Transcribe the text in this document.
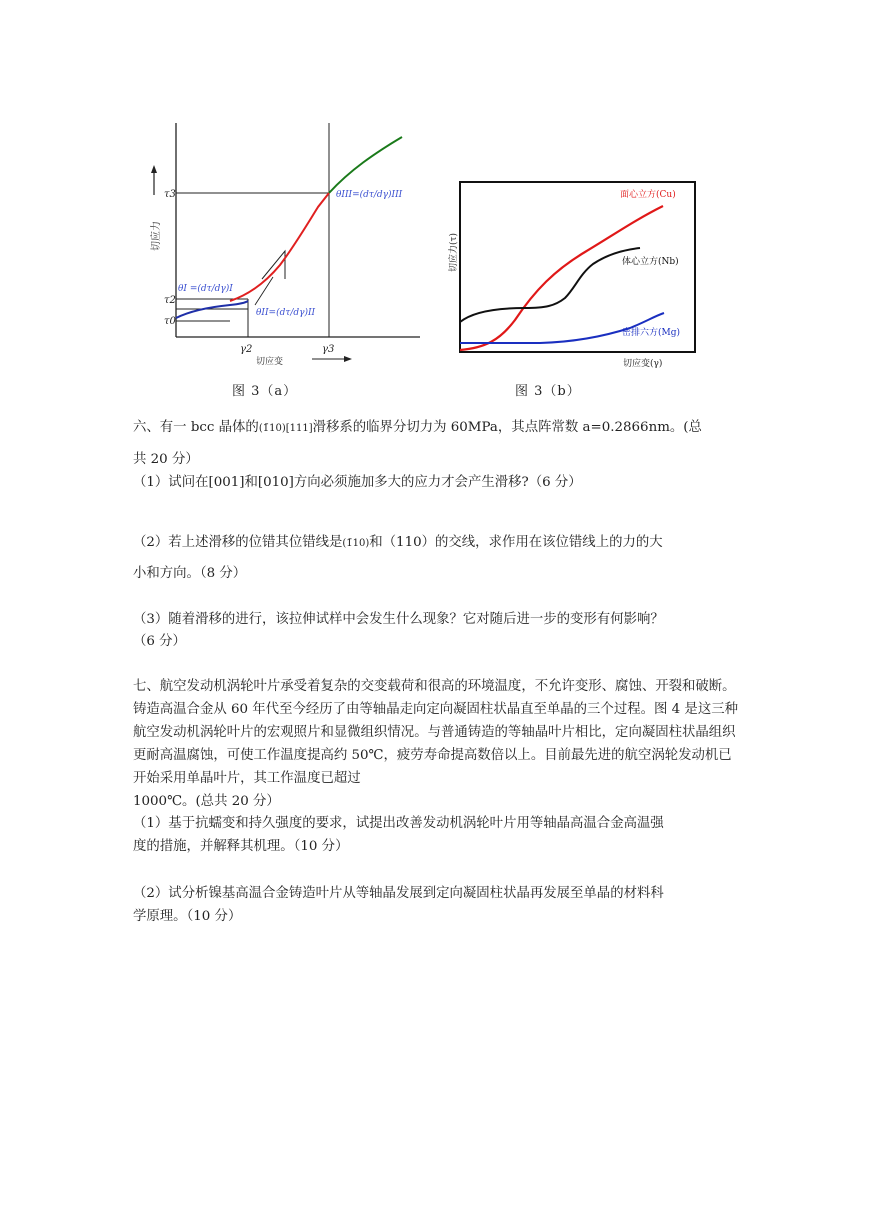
切应力
τ3
τ2
τ0
γ2	γ3
切应变
θI =(dτ/dγ)I
θII=(dτ/dγ)II
θIII=(dτ/dγ)III
图 3（a）
面心立方(Cu)
体心立方(Nb)
密排六方(Mg)
切应力(τ)
切应变(γ)
图 3（b）
六、有一 bcc 晶体的(1̄10)[111]滑移系的临界分切力为 60MPa，其点阵常数 a=0.2866nm。(总
共 20 分）
（1）试问在[001]和[010]方向必须施加多大的应力才会产生滑移?（6 分）
（2）若上述滑移的位错其位错线是(1̄10)和（110）的交线，求作用在该位错线上的力的大
小和方向。（8 分）
（3）随着滑移的进行，该拉伸试样中会发生什么现象？它对随后进一步的变形有何影响？
（6 分）
七、航空发动机涡轮叶片承受着复杂的交变载荷和很高的环境温度，不允许变形、腐蚀、开裂和破断。铸造高温合金从 60 年代至今经历了由等轴晶走向定向凝固柱状晶直至单晶的三个过程。图 4 是这三种航空发动机涡轮叶片的宏观照片和显微组织情况。与普通铸造的等轴晶叶片相比，定向凝固柱状晶组织更耐高温腐蚀，可使工作温度提高约 50℃，疲劳寿命提高数倍以上。目前最先进的航空涡轮发动机已开始采用单晶叶片，其工作温度已超过
1000℃。(总共 20 分）
（1）基于抗蠕变和持久强度的要求，试提出改善发动机涡轮叶片用等轴晶高温合金高温强
度的措施，并解释其机理。（10 分）
（2）试分析镍基高温合金铸造叶片从等轴晶发展到定向凝固柱状晶再发展至单晶的材料科
学原理。（10 分）
